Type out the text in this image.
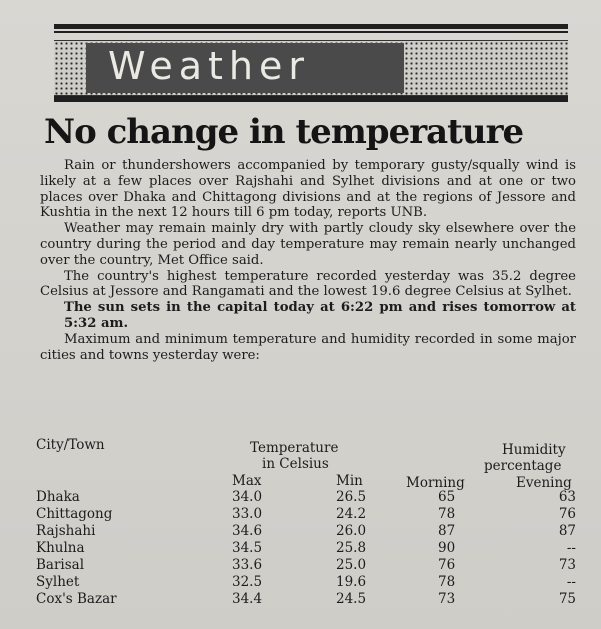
Weather
No change in temperature

Rain or thundershowers accompanied by temporary gusty/squally wind is likely at a few places over Rajshahi and Sylhet divisions and at one or two places over Dhaka and Chittagong divisions and at the regions of Jessore and Kushtia in the next 12 hours till 6 pm today, reports UNB.

Weather may remain mainly dry with partly cloudy sky elsewhere over the country during the period and day temperature may remain nearly unchanged over the country, Met Office said.

The country's highest temperature recorded yesterday was 35.2 degree Celsius at Jessore and Rangamati and the lowest 19.6 degree Celsius at Sylhet.

The sun sets in the capital today at 6:22 pm and rises tomorrow at 5:32 am.

Maximum and minimum temperature and humidity recorded in some major cities and towns yesterday were:

City/Town	Temperature
in Celsius
Humidity
percentage
Max	Min	Morning	Evening
Dhaka	34.0	26.5	65	63
Chittagong	33.0	24.2	78	76
Rajshahi	34.6	26.0	87	87
Khulna	34.5	25.8	90	--
Barisal	33.6	25.0	76	73
Sylhet	32.5	19.6	78	--
Cox's Bazar	34.4	24.5	73	75
